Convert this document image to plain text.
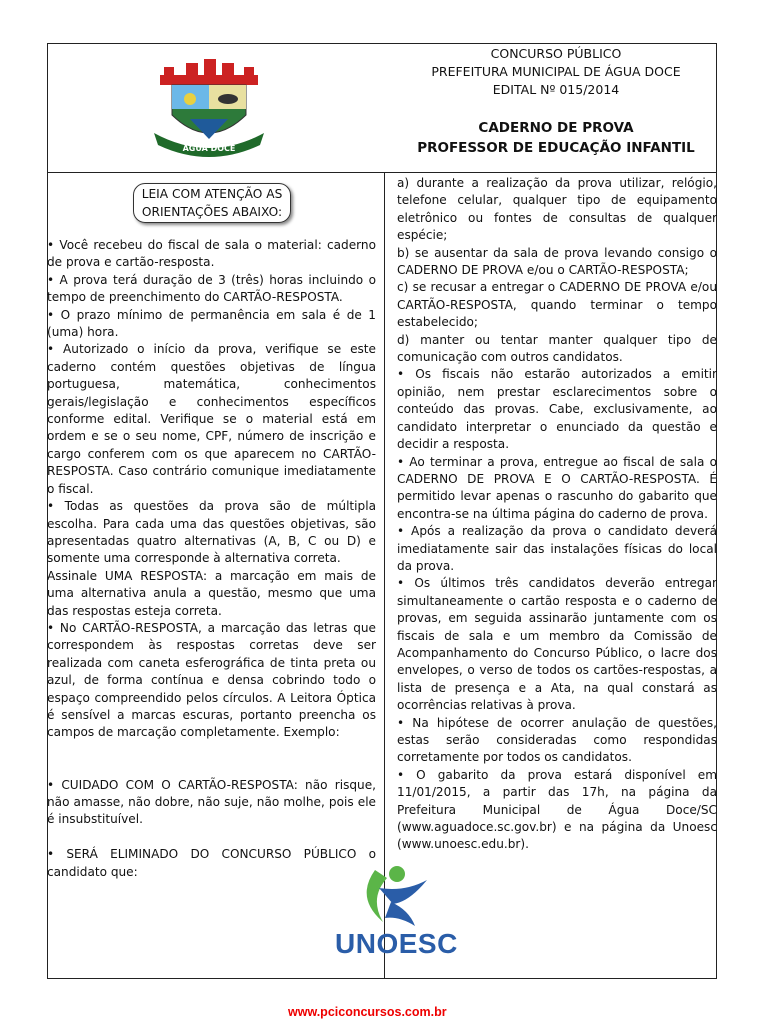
ÁGUA DOCE
25 DE	1958
CONCURSO PÚBLICO
PREFEITURA MUNICIPAL DE ÁGUA DOCE
EDITAL Nº 015/2014
CADERNO DE PROVA
PROFESSOR DE EDUCAÇÃO INFANTIL
LEIA COM ATENÇÃO AS
ORIENTAÇÕES ABAIXO:

• Você recebeu do fiscal de sala o material: caderno de prova e cartão-resposta.

• A prova terá duração de 3 (três) horas incluindo o tempo de preenchimento do CARTÃO-RESPOSTA.

• O prazo mínimo de permanência em sala é de 1 (uma) hora.

• Autorizado o início da prova, verifique se este caderno contém questões objetivas de língua portuguesa, matemática, conhecimentos gerais/legislação e conhecimentos específicos conforme edital. Verifique se o material está em ordem e se o seu nome, CPF, número de inscrição e cargo conferem com os que aparecem no CARTÃO-RESPOSTA. Caso contrário comunique imediatamente o fiscal.

• Todas as questões da prova são de múltipla escolha. Para cada uma das questões objetivas, são apresentadas quatro alternativas (A, B, C ou D) e somente uma corresponde à alternativa correta.

Assinale UMA RESPOSTA: a marcação em mais de uma alternativa anula a questão, mesmo que uma das respostas esteja correta.

• No CARTÃO-RESPOSTA, a marcação das letras que correspondem às respostas corretas deve ser realizada com caneta esferográfica de tinta preta ou azul, de forma contínua e densa cobrindo todo o espaço compreendido pelos círculos. A Leitora Óptica é sensível a marcas escuras, portanto preencha os campos de marcação completamente. Exemplo:

• CUIDADO COM O CARTÃO-RESPOSTA: não risque, não amasse, não dobre, não suje, não molhe, pois ele é insubstituível.

• SERÁ ELIMINADO DO CONCURSO PÚBLICO o candidato que:

a) durante a realização da prova utilizar, relógio, telefone celular, qualquer tipo de equipamento eletrônico ou fontes de consultas de qualquer espécie;

b) se ausentar da sala de prova levando consigo o CADERNO DE PROVA e/ou o CARTÃO-RESPOSTA;

c) se recusar a entregar o CADERNO DE PROVA e/ou CARTÃO-RESPOSTA, quando terminar o tempo estabelecido;

d) manter ou tentar manter qualquer tipo de comunicação com outros candidatos.

• Os fiscais não estarão autorizados a emitir opinião, nem prestar esclarecimentos sobre o conteúdo das provas. Cabe, exclusivamente, ao candidato interpretar o enunciado da questão e decidir a resposta.

• Ao terminar a prova, entregue ao fiscal de sala o CADERNO DE PROVA E O CARTÃO-RESPOSTA. É permitido levar apenas o rascunho do gabarito que encontra-se na última página do caderno de prova.

• Após a realização da prova o candidato deverá imediatamente sair das instalações físicas do local da prova.

• Os últimos três candidatos deverão entregar simultaneamente o cartão resposta e o caderno de provas, em seguida assinarão juntamente com os fiscais de sala e um membro da Comissão de Acompanhamento do Concurso Público, o lacre dos envelopes, o verso de todos os cartões-respostas, a lista de presença e a Ata, na qual constará as ocorrências relativas à prova.

• Na hipótese de ocorrer anulação de questões, estas serão consideradas como respondidas corretamente por todos os candidatos.

• O gabarito da prova estará disponível em 11/01/2015, a partir das 17h, na página da Prefeitura Municipal de Água Doce/SC (www.aguadoce.sc.gov.br) e na página da Unoesc (www.unoesc.edu.br).

UNOESC
www.pciconcursos.com.br
